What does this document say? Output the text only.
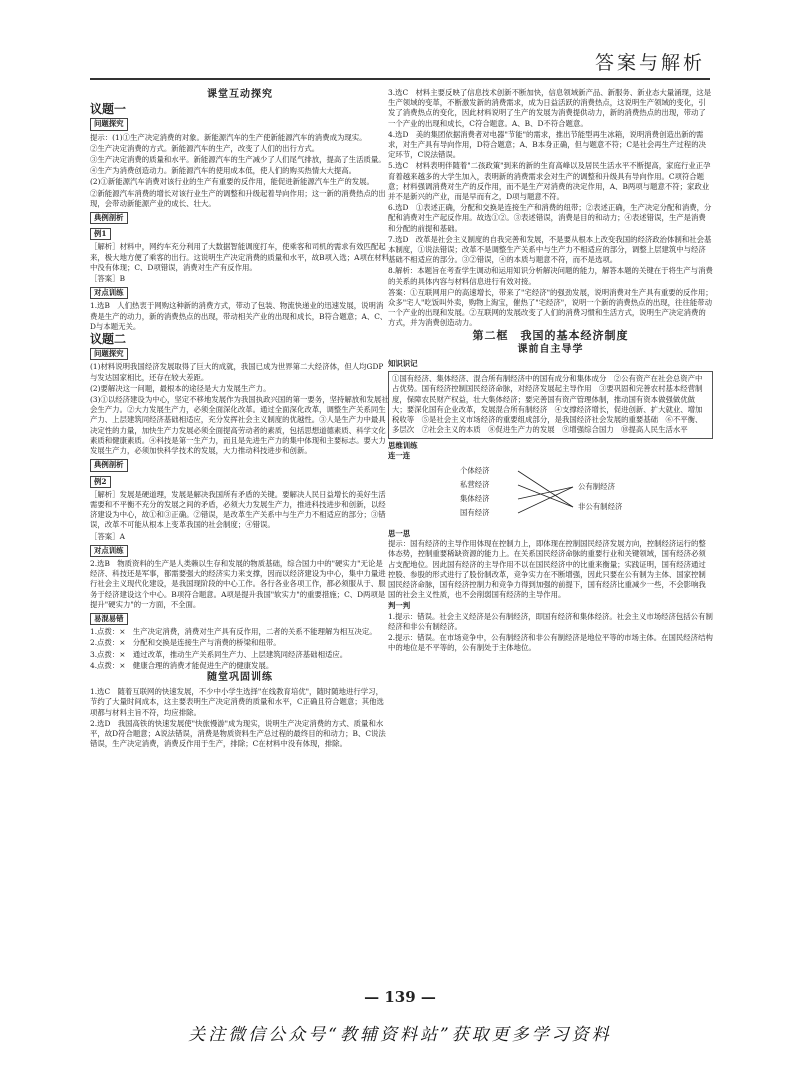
答案与解析
课堂互动探究
议题一
问题探究

提示：(1)①生产决定消费的对象。新能源汽车的生产使新能源汽车的消费成为现实。

②生产决定消费的方式。新能源汽车的生产，改变了人们的出行方式。

③生产决定消费的质量和水平。新能源汽车的生产减少了人们尾气排放，提高了生活质量。

④生产为消费创造动力。新能源汽车的使用成本低，使人们的购买热情大大提高。

(2)①新能源汽车消费对该行业的生产有重要的反作用，能促进新能源汽车生产的发展。

②新能源汽车消费的增长对该行业生产的调整和升级起着导向作用；这一新的消费热点的出现，会带动新能源产业的成长、壮大。

典例剖析
例1

［解析］材料中，网约车充分利用了大数据智能调度打车，使乘客和司机的需求有效匹配起来，极大地方便了乘客的出行。这说明生产决定消费的质量和水平，故B项入选；A项在材料中没有体现；C、D项错误，消费对生产有反作用。

［答案］B

对点训练

1.选B　人们热衷于网购这种新的消费方式，带动了包装、物流快递业的迅速发展，说明消费是生产的动力，新的消费热点的出现，带动相关产业的出现和成长，B符合题意；A、C、D与本题无关。

议题二
问题探究

(1)材料说明我国经济发展取得了巨大的成就，我国已成为世界第二大经济体，但人均GDP与发达国家相比，还存在较大差距。

(2)要解决这一问题，最根本的途径是大力发展生产力。

(3)①以经济建设为中心，坚定不移地发展作为我国执政兴国的第一要务，坚持解放和发展社会生产力。②大力发展生产力，必须全面深化改革。通过全面深化改革，调整生产关系同生产力、上层建筑同经济基础相适应，充分发挥社会主义制度的优越性。③人是生产力中最具决定性的力量，加快生产力发展必须全面提高劳动者的素质，包括思想道德素质、科学文化素质和健康素质。④科技是第一生产力，而且是先进生产力的集中体现和主要标志。要大力发展生产力，必须加快科学技术的发展，大力推动科技进步和创新。

典例剖析
例2

［解析］发展是硬道理，发展是解决我国所有矛盾的关键。要解决人民日益增长的美好生活需要和不平衡不充分的发展之间的矛盾，必须大力发展生产力，推进科技进步和创新，以经济建设为中心，故①和③正确。②错误，是改革生产关系中与生产力不相适应的部分；③错误，改革不可能从根本上变革我国的社会制度；④错误。

［答案］A

对点训练

2.选B　物质资料的生产是人类赖以生存和发展的物质基础，综合国力中的"硬实力"无论是经济、科技还是军事，都需要强大的经济实力来支撑，因而以经济建设为中心，集中力量进行社会主义现代化建设，是我国现阶段的中心工作。各行各业各项工作，都必须服从于、服务于经济建设这个中心。B项符合题意。A项是提升我国"软实力"的重要措施；C、D两项是提升"硬实力"的一方面，不全面。

易混易错

1.点拨：×　生产决定消费，消费对生产具有反作用，二者的关系不能理解为相互决定。

2.点拨：×　分配和交换是连接生产与消费的桥梁和纽带。

3.点拨：×　通过改革，推动生产关系同生产力、上层建筑同经济基础相适应。

4.点拨：×　健康合理的消费才能促进生产的健康发展。

随堂巩固训练

1.选C　随着互联网的快速发展，不少中小学生选择"在线教育培优"，随时随地进行学习，节约了大量时间成本，这主要表明生产决定消费的质量和水平，C正确且符合题意；其他选项都与材料主旨不符，均应排除。

2.选D　我国高铁的快速发展使"快旅慢游"成为现实，说明生产决定消费的方式、质量和水平，故D符合题意；A说法错误，消费是物质资料生产总过程的最终目的和动力；B、C说法错误，生产决定消费，消费反作用于生产，排除；C在材料中没有体现，排除。

3.选C　材料主要反映了信息技术创新不断加快，信息领域新产品、新服务、新业态大量涌现，这是生产领域的变革，不断激发新的消费需求，成为日益活跃的消费热点，这说明生产领域的变化，引发了消费热点的变化，因此材料说明了生产的发展为消费提供动力，新的消费热点的出现，带动了一个产业的出现和成长，C符合题意。A、B、D不符合题意。

4.选D　美的集团依据消费者对电器"节能"的需求，推出节能型再生冰箱，说明消费创造出新的需求，对生产具有导向作用，D符合题意；A、B本身正确，但与题意不符；C是社会再生产过程的决定环节，C说法错误。

5.选C　材料表明伴随着"二孩政策"到来的新的生育高峰以及居民生活水平不断提高，家庭行业正孕育着越来越多的大学生加入，表明新的消费需求会对生产的调整和升级具有导向作用。C项符合题意；材料强调消费对生产的反作用，而不是生产对消费的决定作用，A、B两项与题意不符；家政业并不是新兴的产业，而是早而有之，D项与题意不符。

6.选D　①表述正确，分配和交换是连接生产和消费的纽带；②表述正确，生产决定分配和消费，分配和消费对生产起反作用。故选①②。③表述错误，消费是目的和动力；④表述错误，生产是消费和分配的前提和基础。

7.选D　改革是社会主义制度的自我完善和发展，不是要从根本上改变我国的经济政治体制和社会基本制度，①说法错误；改革不是调整生产关系中与生产力不相适应的部分，调整上层建筑中与经济基础不相适应的部分。③②错误，④的本质与题意不符，而不是选项。

8.解析：本题旨在考查学生调动和运用知识分析解决问题的能力，解答本题的关键在于将生产与消费的关系的具体内容与材料信息进行有效对接。

答案：①互联网用户的高速增长，带来了"宅经济"的强劲发展，说明消费对生产具有重要的反作用；众多"宅人"吃饭叫外卖，购物上淘宝，催热了"宅经济"，说明一个新的消费热点的出现，往往能带动一个产业的出现和发展。②互联网的发展改变了人们的消费习惯和生活方式，说明生产决定消费的方式，并为消费创造动力。

第二框　我国的基本经济制度
课前自主导学
知识识记
①国有经济、集体经济、混合所有制经济中的国有成分和集体成分　②公有资产在社会总资产中占优势。国有经济控制国民经济命脉，对经济发展起主导作用　③要巩固和完善农村基本经营制度，保障农民财产权益，壮大集体经济；要完善国有资产管理体制，推动国有资本做强做优做大；要深化国有企业改革，发展混合所有制经济　④支撑经济增长，促进创新、扩大就业、增加税收等　⑤是社会主义市场经济的重要组成部分，是我国经济社会发展的重要基础　⑥不平衡、多层次　⑦社会主义的本质　⑧促进生产力的发展　⑨增强综合国力　⑩提高人民生活水平
思维训练
连一连
个体经济
私营经济
集体经济
国有经济
公有制经济
非公有制经济
思一思

提示：国有经济的主导作用体现在控制力上，即体现在控制国民经济发展方向，控制经济运行的整体态势，控制重要稀缺资源的能力上。在关系国民经济命脉的重要行业和关键领域，国有经济必须占支配地位。因此国有经济的主导作用不以在国民经济中的比重来衡量；实践证明，国有经济通过控股、参股的形式进行了股份制改革，竞争实力在不断增强，因此只要在公有制为主体、国家控制国民经济命脉，国有经济控制力和竞争力得到加强的前提下，国有经济比重减少一些，不会影响我国的社会主义性质，也不会削弱国有经济的主导作用。

判一判

1.提示：错误。社会主义经济是公有制经济，即国有经济和集体经济。社会主义市场经济包括公有制经济和非公有制经济。

2.提示：错误。在市场竞争中，公有制经济和非公有制经济是地位平等的市场主体。在国民经济结构中的地位是不平等的，公有制处于主体地位。

— 139 —
关注微信公众号“教辅资料站”获取更多学习资料
